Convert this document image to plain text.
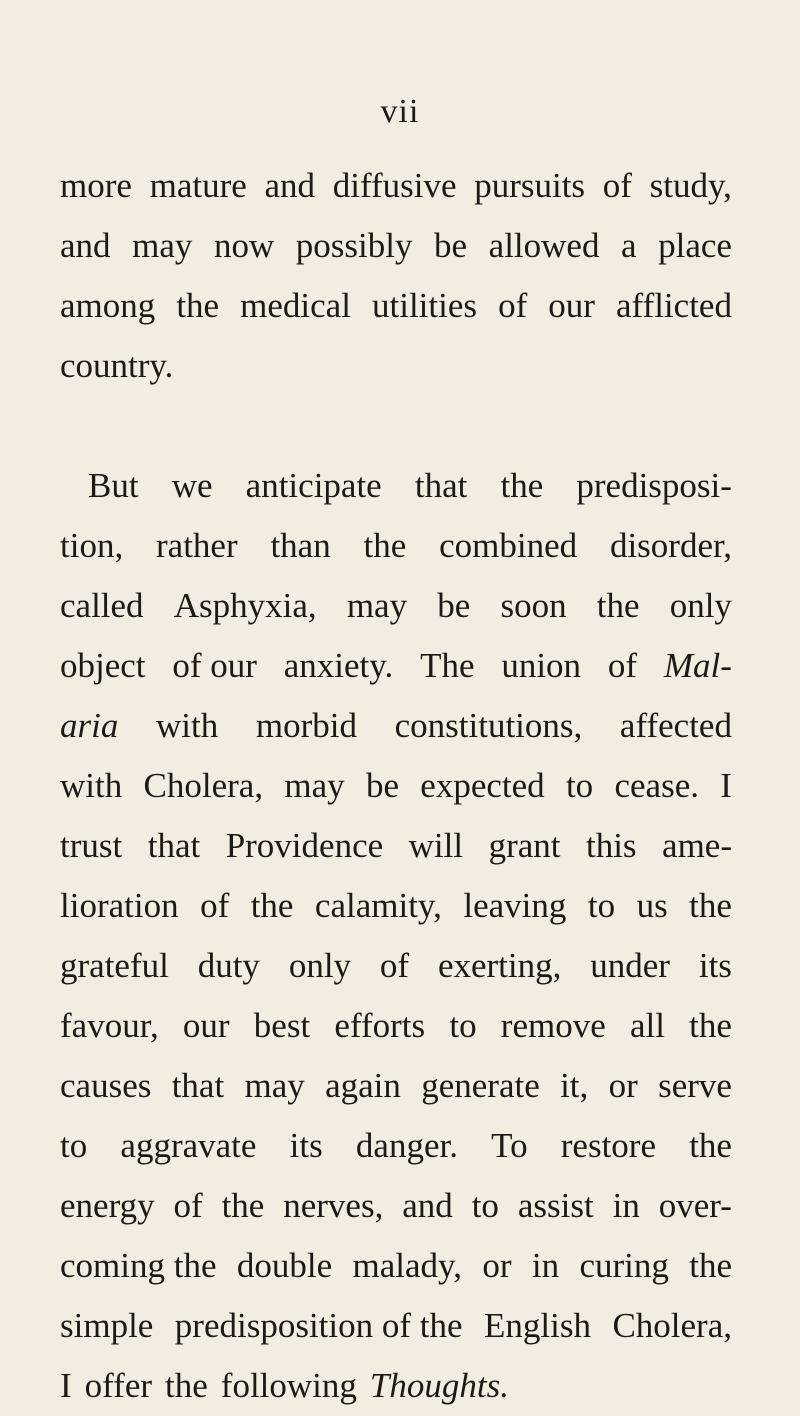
vii
more mature and diffusive pursuits of study,
and may now possibly be allowed a place
among the medical utilities of our afflicted
country.
But we anticipate that the predisposi-
tion, rather than the combined disorder,
called Asphyxia, may be soon the only
object of our anxiety. The union of Mal-
aria with morbid constitutions, affected
with Cholera, may be expected to cease. I
trust that Providence will grant this ame-
lioration of the calamity, leaving to us the
grateful duty only of exerting, under its
favour, our best efforts to remove all the
causes that may again generate it, or serve
to aggravate its danger. To restore the
energy of the nerves, and to assist in over-
coming the double malady, or in curing the
simple predisposition of the English Cholera,
I offer the following Thoughts.
